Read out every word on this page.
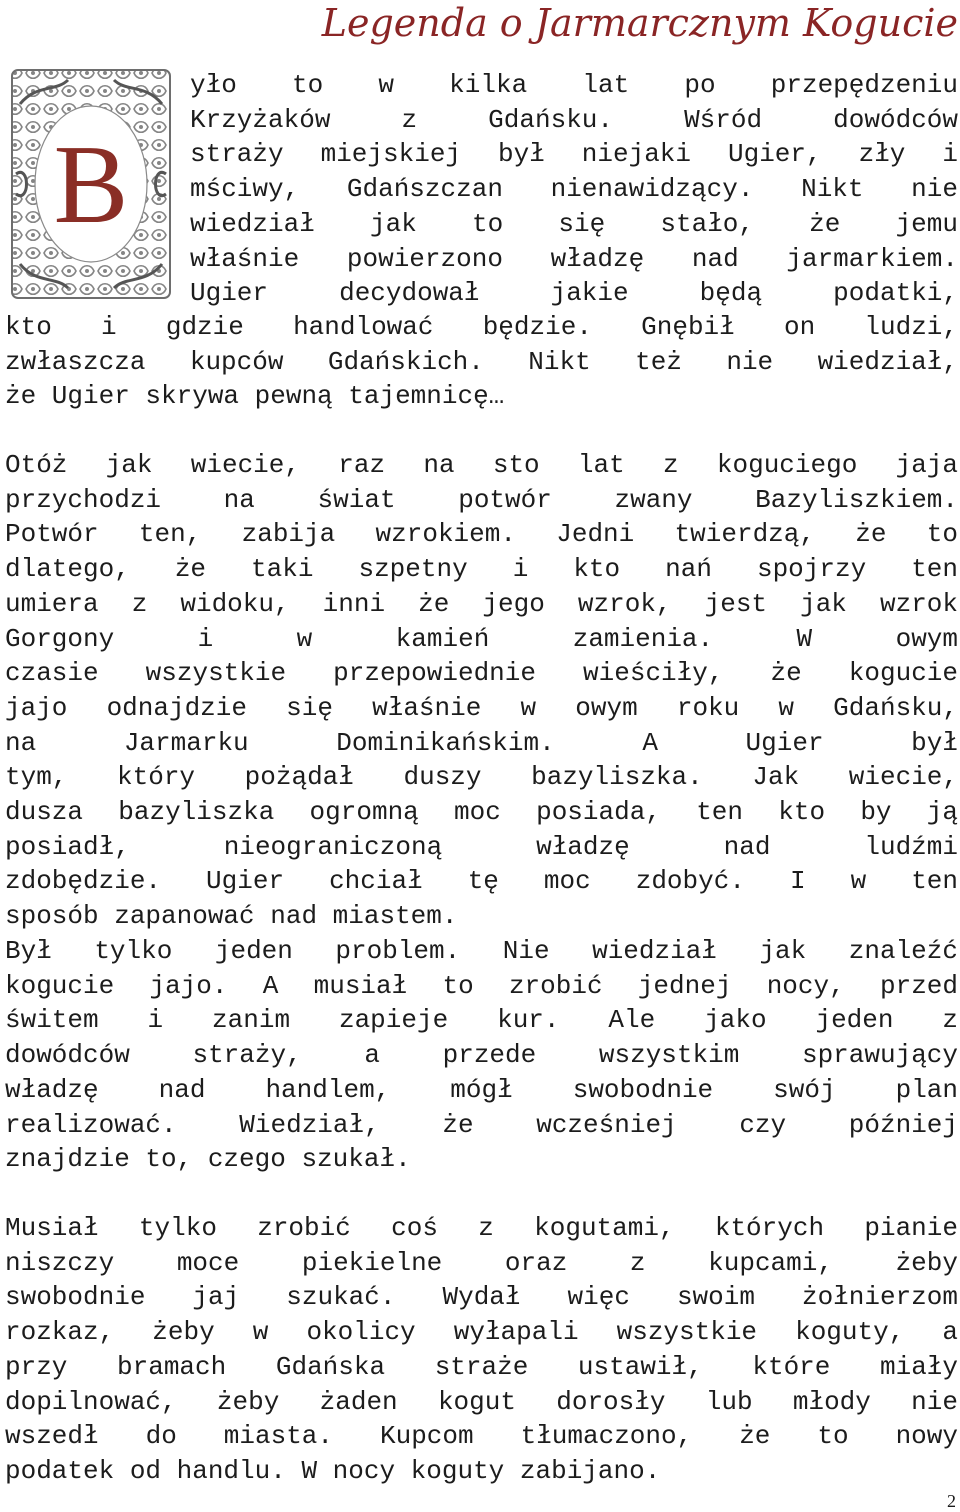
Legenda o Jarmarcznym Kogucie
B
yło to w kilka lat po przepędzeniu
Krzyżaków z Gdańsku. Wśród dowódców
straży miejskiej był niejaki Ugier, zły i
mściwy, Gdańszczan nienawidzący. Nikt nie
wiedział jak to się stało, że jemu
właśnie powierzono władzę nad jarmarkiem.
Ugier decydował jakie będą podatki,
kto i gdzie handlować będzie. Gnębił on ludzi,
zwłaszcza kupców Gdańskich. Nikt też nie wiedział,
że Ugier skrywa pewną tajemnicę…
Otóż jak wiecie, raz na sto lat z koguciego jaja
przychodzi na świat potwór zwany Bazyliszkiem.
Potwór ten, zabija wzrokiem. Jedni twierdzą, że to
dlatego, że taki szpetny i kto nań spojrzy ten
umiera z widoku, inni że jego wzrok, jest jak wzrok
Gorgony i w kamień zamienia. W owym
czasie wszystkie przepowiednie wieściły, że kogucie
jajo odnajdzie się właśnie w owym roku w Gdańsku,
na Jarmarku Dominikańskim. A Ugier był
tym, który pożądał duszy bazyliszka. Jak wiecie,
dusza bazyliszka ogromną moc posiada, ten kto by ją
posiadł, nieograniczoną władzę nad ludźmi
zdobędzie. Ugier chciał tę moc zdobyć. I w ten
sposób zapanować nad miastem.
Był tylko jeden problem. Nie wiedział jak znaleźć
kogucie jajo. A musiał to zrobić jednej nocy, przed
świtem i zanim zapieje kur. Ale jako jeden z
dowódców straży, a przede wszystkim sprawujący
władzę nad handlem, mógł swobodnie swój plan
realizować. Wiedział, że wcześniej czy później
znajdzie to, czego szukał.
Musiał tylko zrobić coś z kogutami, których pianie
niszczy moce piekielne oraz z kupcami, żeby
swobodnie jaj szukać. Wydał więc swoim żołnierzom
rozkaz, żeby w okolicy wyłapali wszystkie koguty, a
przy bramach Gdańska straże ustawił, które miały
dopilnować, żeby żaden kogut dorosły lub młody nie
wszedł do miasta. Kupcom tłumaczono, że to nowy
podatek od handlu. W nocy koguty zabijano.
2
